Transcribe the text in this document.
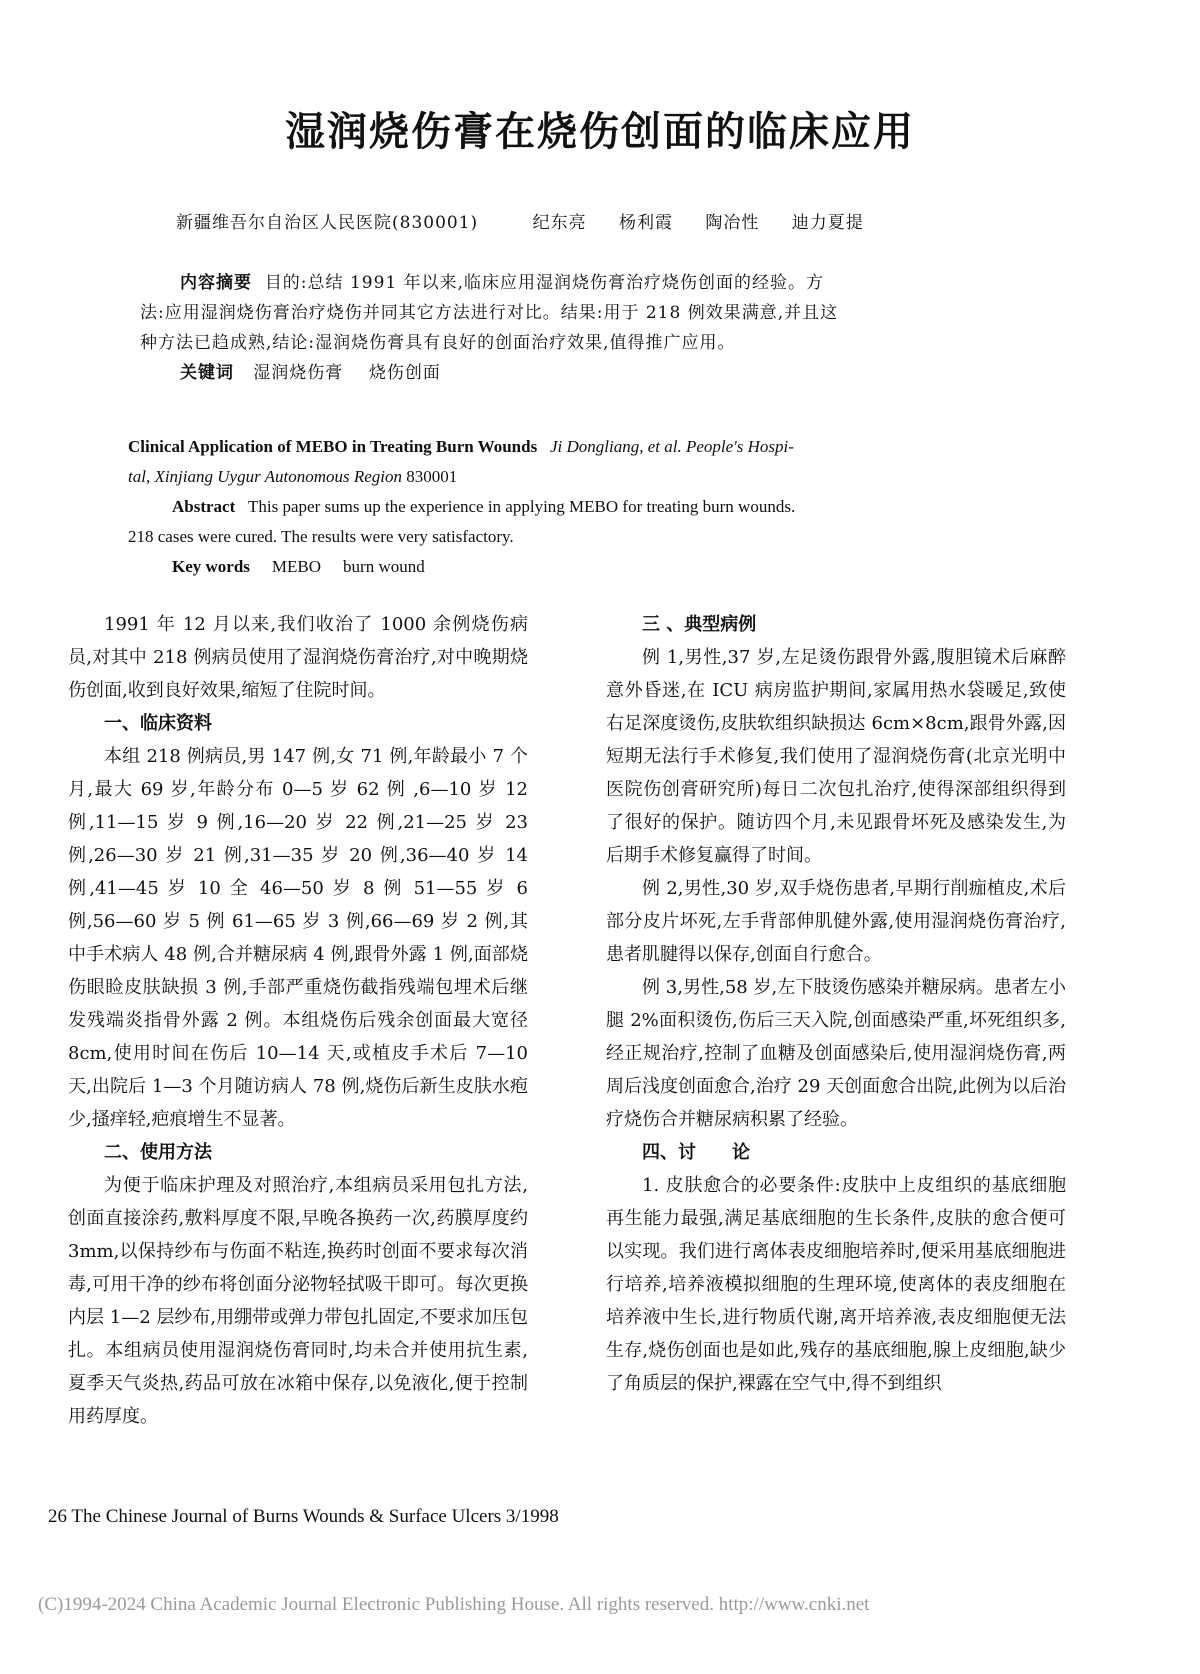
湿润烧伤膏在烧伤创面的临床应用
新疆维吾尔自治区人民医院(830001)	纪东亮 杨利霞 陶冶性 迪力夏提

内容摘要 目的:总结 1991 年以来,临床应用湿润烧伤膏治疗烧伤创面的经验。方

法:应用湿润烧伤膏治疗烧伤并同其它方法进行对比。结果:用于 218 例效果满意,并且这

种方法已趋成熟,结论:湿润烧伤膏具有良好的创面治疗效果,值得推广应用。

关键词 湿润烧伤膏 烧伤创面

Clinical Application of MEBO in Treating Burn Wounds Ji Dongliang, et al. People's Hospi-

tal, Xinjiang Uygur Autonomous Region 830001

Abstract This paper sums up the experience in applying MEBO for treating burn wounds.

218 cases were cured. The results were very satisfactory.

Key words MEBO burn wound

1991 年 12 月以来,我们收治了 1000 余例烧伤病员,对其中 218 例病员使用了湿润烧伤膏治疗,对中晚期烧伤创面,收到良好效果,缩短了住院时间。

一、临床资料

本组 218 例病员,男 147 例,女 71 例,年龄最小 7 个月,最大 69 岁,年龄分布 0—5 岁 62 例 ,6—10 岁 12 例,11—15 岁 9 例,16—20 岁 22 例,21—25 岁 23 例,26—30 岁 21 例,31—35 岁 20 例,36—40 岁 14 例,41—45 岁 10 全 46—50 岁 8 例 51—55 岁 6 例,56—60 岁 5 例 61—65 岁 3 例,66—69 岁 2 例,其中手术病人 48 例,合并糖尿病 4 例,跟骨外露 1 例,面部烧伤眼睑皮肤缺损 3 例,手部严重烧伤截指残端包埋术后继发残端炎指骨外露 2 例。本组烧伤后残余创面最大宽径 8cm,使用时间在伤后 10—14 天,或植皮手术后 7—10 天,出院后 1—3 个月随访病人 78 例,烧伤后新生皮肤水疱少,搔痒轻,疤痕增生不显著。

二、使用方法

为便于临床护理及对照治疗,本组病员采用包扎方法,创面直接涂药,敷料厚度不限,早晚各换药一次,药膜厚度约 3mm,以保持纱布与伤面不粘连,换药时创面不要求每次消毒,可用干净的纱布将创面分泌物轻拭吸干即可。每次更换内层 1—2 层纱布,用绷带或弹力带包扎固定,不要求加压包扎。本组病员使用湿润烧伤膏同时,均未合并使用抗生素,夏季天气炎热,药品可放在冰箱中保存,以免液化,便于控制用药厚度。

三 、典型病例

例 1,男性,37 岁,左足烫伤跟骨外露,腹胆镜术后麻醉意外昏迷,在 ICU 病房监护期间,家属用热水袋暖足,致使右足深度烫伤,皮肤软组织缺损达 6cm×8cm,跟骨外露,因短期无法行手术修复,我们使用了湿润烧伤膏(北京光明中医院伤创膏研究所)每日二次包扎治疗,使得深部组织得到了很好的保护。随访四个月,未见跟骨坏死及感染发生,为后期手术修复赢得了时间。

例 2,男性,30 岁,双手烧伤患者,早期行削痂植皮,术后部分皮片坏死,左手背部伸肌健外露,使用湿润烧伤膏治疗,患者肌腱得以保存,创面自行愈合。

例 3,男性,58 岁,左下肢烫伤感染并糖尿病。患者左小腿 2%面积烫伤,伤后三天入院,创面感染严重,坏死组织多,经正规治疗,控制了血糖及创面感染后,使用湿润烧伤膏,两周后浅度创面愈合,治疗 29 天创面愈合出院,此例为以后治疗烧伤合并糖尿病积累了经验。

四、讨　　论

1. 皮肤愈合的必要条件:皮肤中上皮组织的基底细胞再生能力最强,满足基底细胞的生长条件,皮肤的愈合便可以实现。我们进行离体表皮细胞培养时,便采用基底细胞进行培养,培养液模拟细胞的生理环境,使离体的表皮细胞在培养液中生长,进行物质代谢,离开培养液,表皮细胞便无法生存,烧伤创面也是如此,残存的基底细胞,腺上皮细胞,缺少了角质层的保护,裸露在空气中,得不到组织

26 The Chinese Journal of Burns Wounds & Surface Ulcers 3/1998
(C)1994-2024 China Academic Journal Electronic Publishing House. All rights reserved. http://www.cnki.net
